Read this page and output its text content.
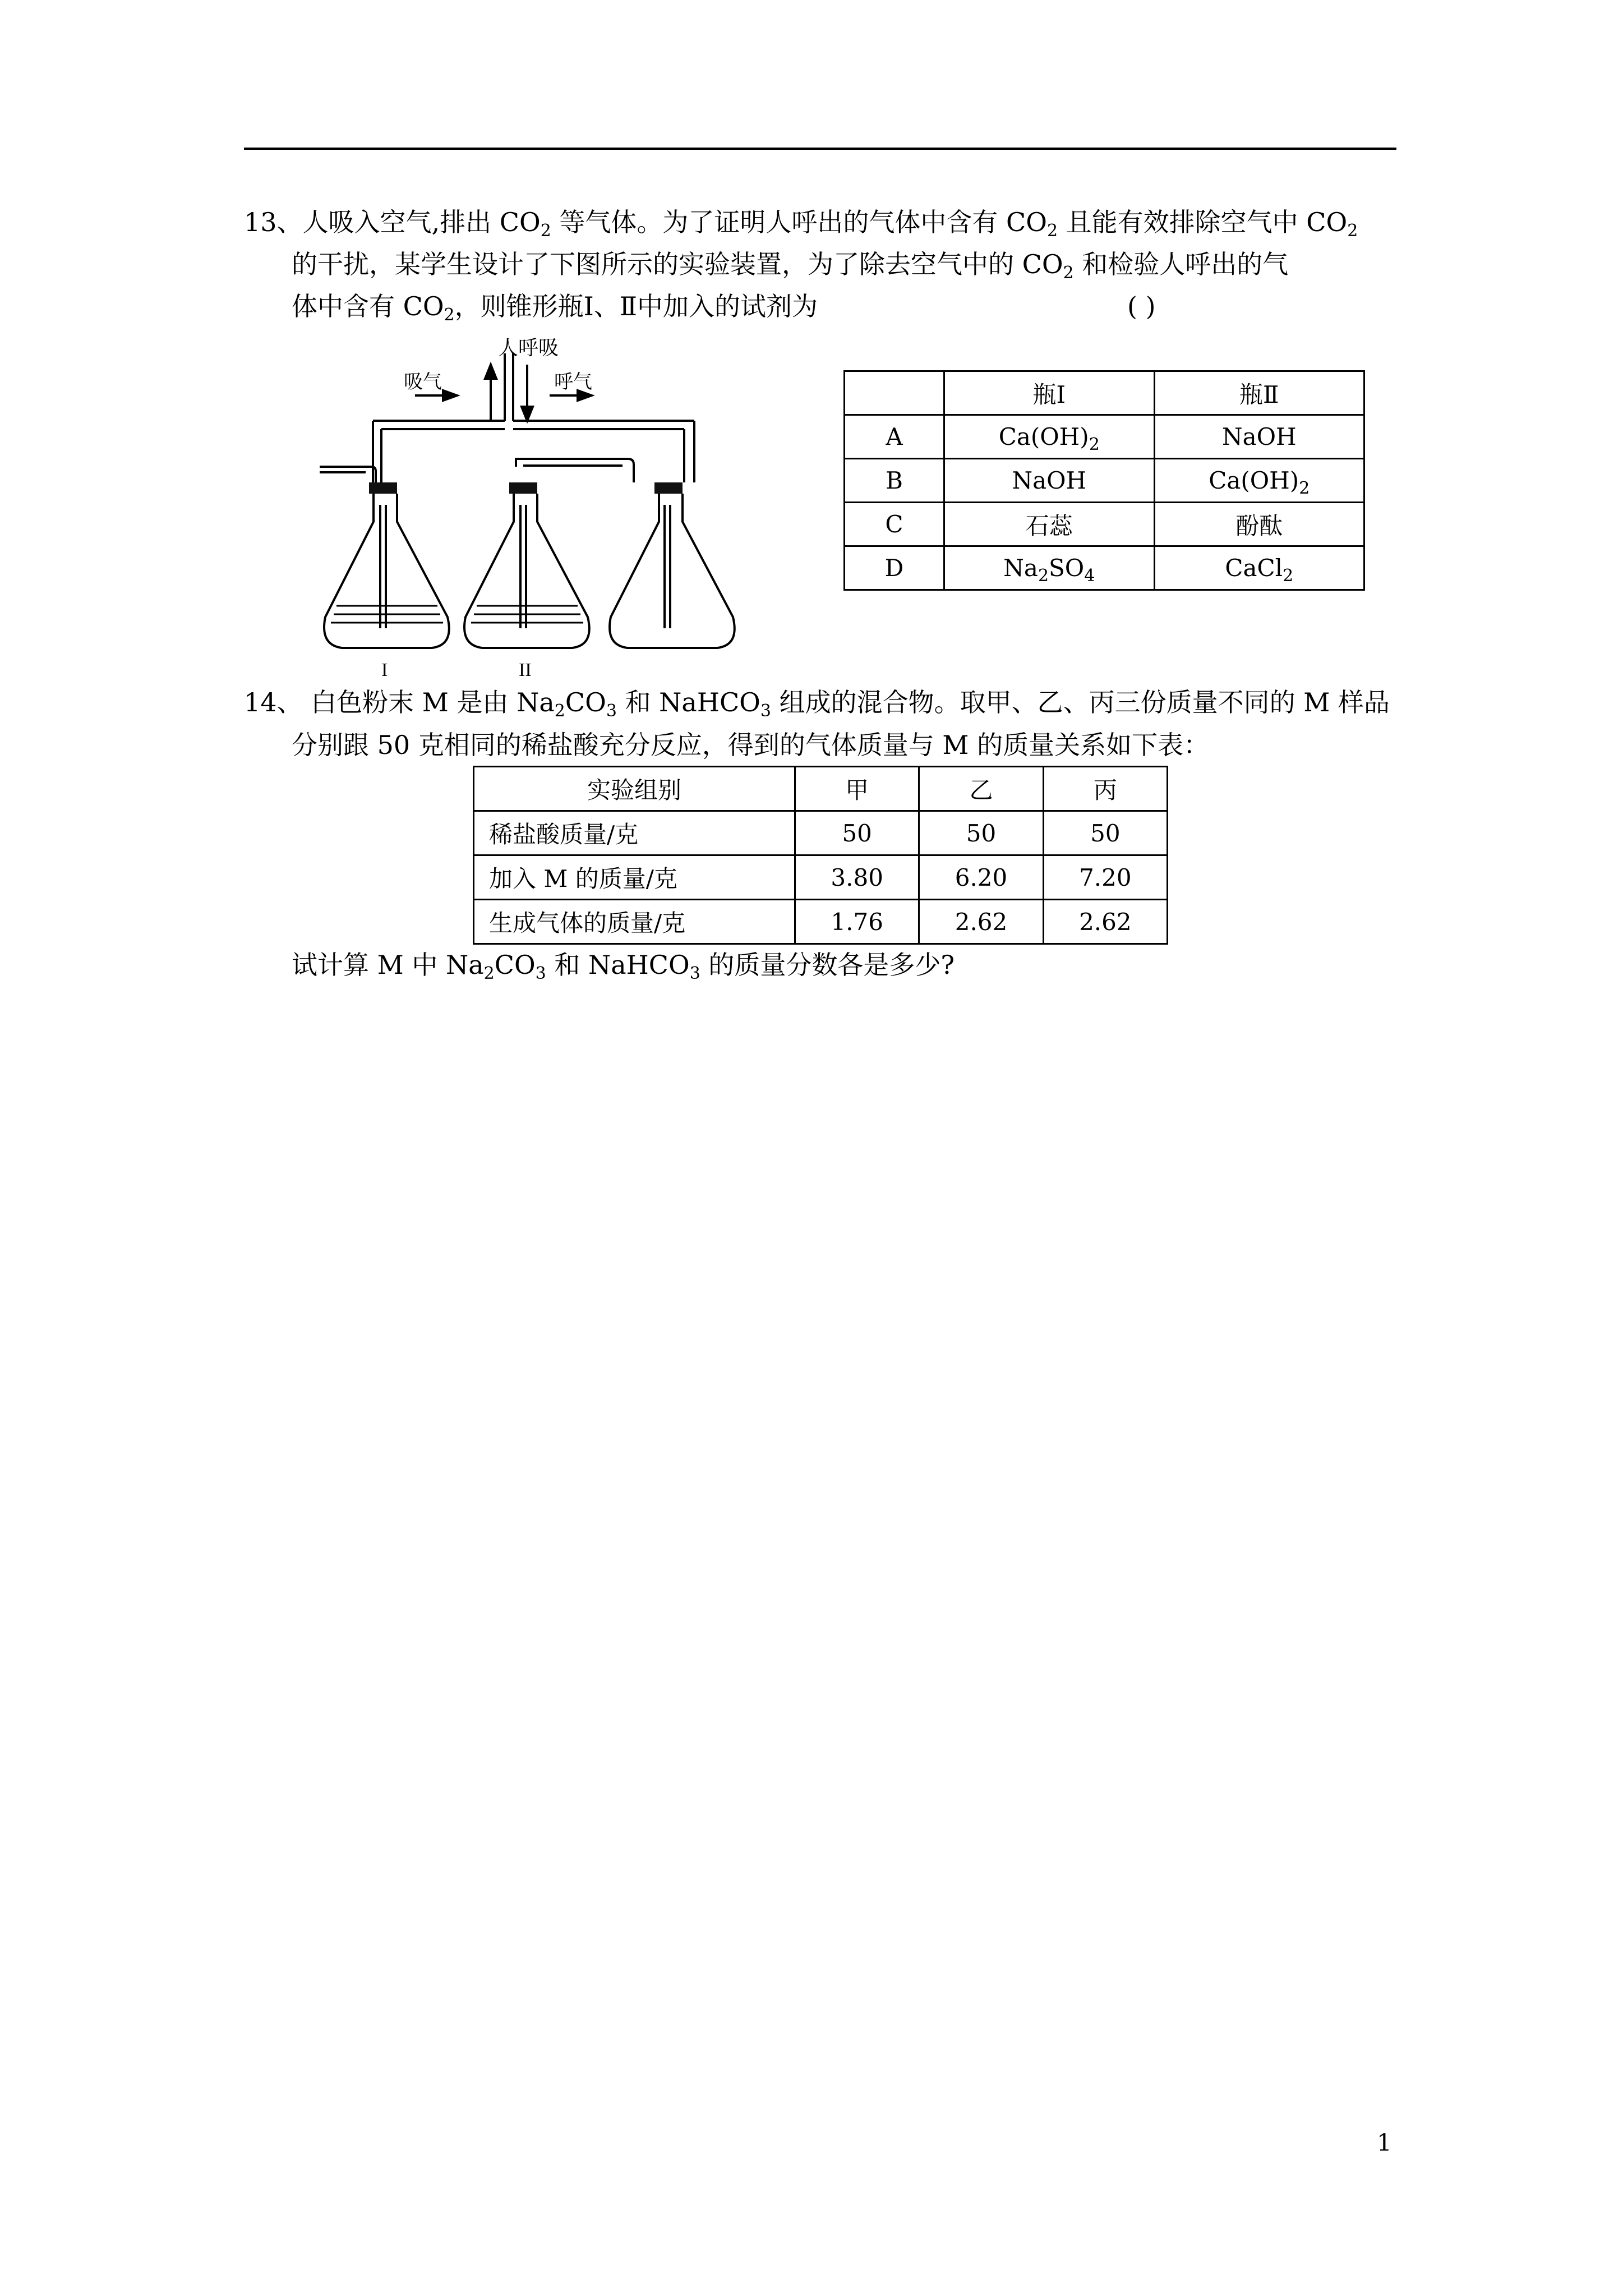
13、人吸入空气,排出 $CO_2$ 等气体。为了证明人呼出的气体中含有 $CO_2$ 且能有效排除空气中 $CO_2$
的干扰，某学生设计了下图所示的实验装置，为了除去空气中的 $CO_2$ 和检验人呼出的气
体中含有 $CO_2$，则锥形瓶Ⅰ、Ⅱ中加入的试剂为	( )
人呼吸
吸气	呼气
I	II
	瓶Ⅰ	瓶Ⅱ
A	$Ca(OH)_2$	NaOH
B	NaOH	$Ca(OH)_2$
C	石蕊	酚酞
D	$Na_2SO_4$	CaCl$_2$
14、 白色粉末 M 是由 $Na_2CO_3$ 和 NaHCO$_3$ 组成的混合物。取甲、乙、丙三份质量不同的 M 样品
分别跟 50 克相同的稀盐酸充分反应，得到的气体质量与 M 的质量关系如下表：
实验组别	甲	乙	丙
稀盐酸质量/克	50	50	50
加入 M 的质量/克	3.80	6.20	7.20
生成气体的质量/克	1.76	2.62	2.62
试计算 M 中 $Na_2CO_3$ 和 NaHCO$_3$ 的质量分数各是多少?
1
